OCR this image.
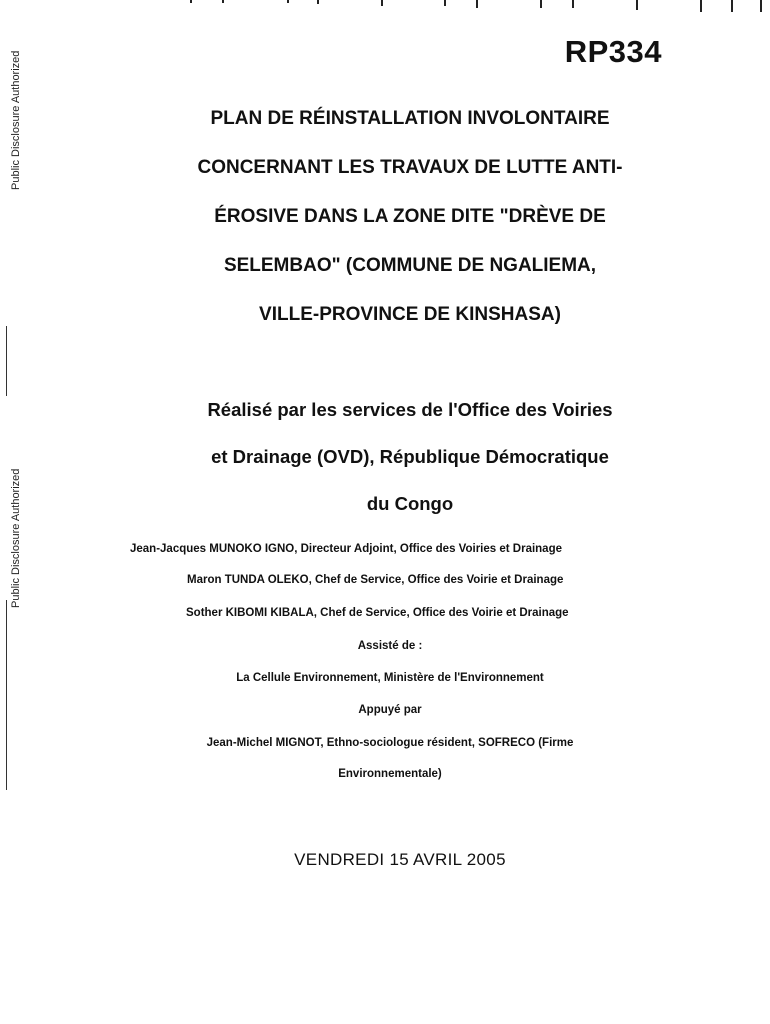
Public Disclosure Authorized
Public Disclosure Authorized
RP334
PLAN DE RÉINSTALLATION INVOLONTAIRE
CONCERNANT LES TRAVAUX DE LUTTE ANTI-
ÉROSIVE DANS LA ZONE DITE "DRÈVE DE
SELEMBAO" (COMMUNE DE NGALIEMA,
VILLE-PROVINCE DE KINSHASA)
Réalisé par les services de l'Office des Voiries
et Drainage (OVD), République Démocratique
du Congo
Jean-Jacques MUNOKO IGNO, Directeur Adjoint, Office des Voiries et Drainage
Maron TUNDA OLEKO, Chef de Service, Office des Voirie et Drainage
Sother KIBOMI KIBALA, Chef de Service, Office des Voirie et Drainage
Assisté de :
La Cellule Environnement, Ministère de l'Environnement
Appuyé par
Jean-Michel MIGNOT, Ethno-sociologue résident, SOFRECO (Firme
Environnementale)
VENDREDI 15 AVRIL 2005
